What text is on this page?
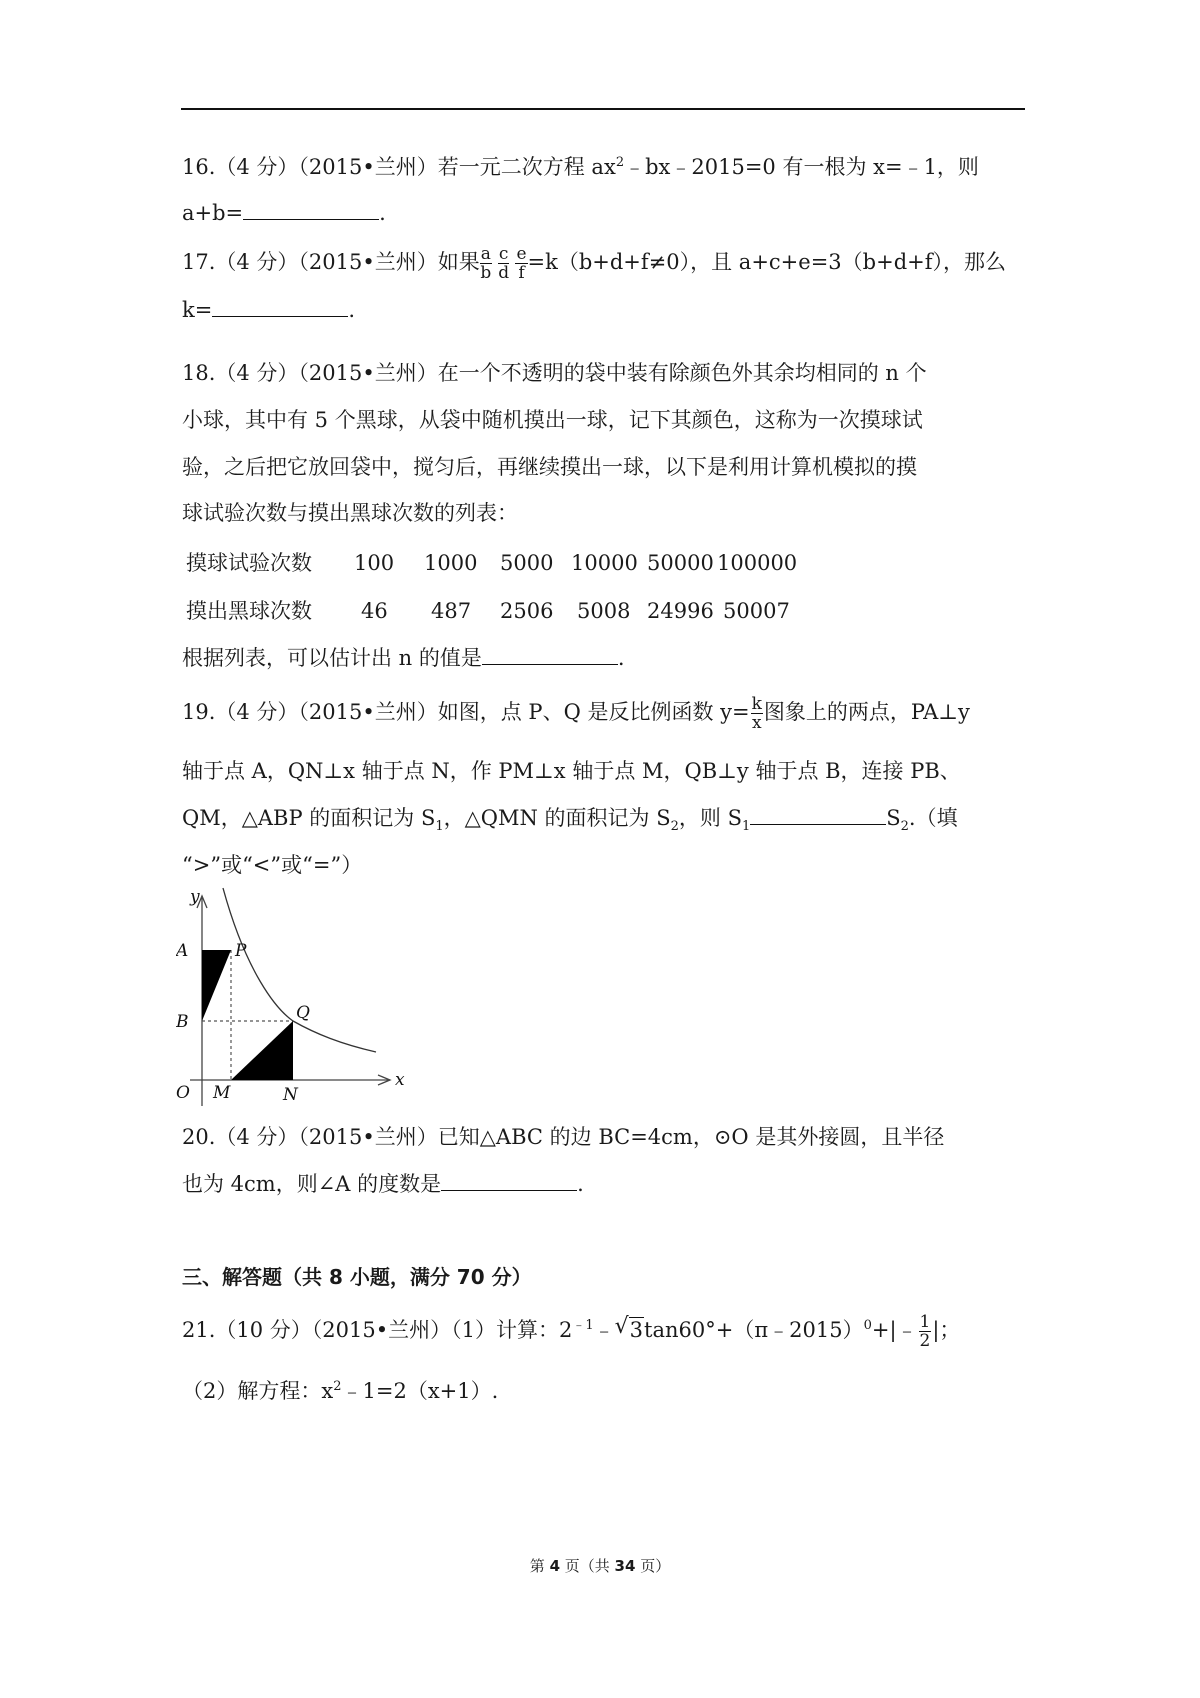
16.（4 分）（2015•兰州）若一元二次方程 $ax^2﹣bx﹣2015=0$ 有一根为 x=﹣1，则
a+b=	.
17.（4 分）（2015•兰州）如果 $\frac{a}{b} \frac{c}{d} \frac{e}{f} =k(b+d+f\ne 0)$，且 a+c+e=3（b+d+f），那么
k=	.
18.（4 分）（2015•兰州）在一个不透明的袋中装有除颜色外其余均相同的 n 个
小球，其中有 5 个黑球，从袋中随机摸出一球，记下其颜色，这称为一次摸球试
验，之后把它放回袋中，搅匀后，再继续摸出一球，以下是利用计算机模拟的摸
球试验次数与摸出黑球次数的列表：
摸球试验次数 100 1000 5000 10000 50000 100000
摸出黑球次数 46 487 2506 5008 24996 50007
根据列表，可以估计出 n 的值是	.
19.（4 分）（2015•兰州）如图，点 P、Q 是反比例函数 $y= \frac{k}{x}$ 图象上的两点，PA⊥y
轴于点 A，QN⊥x 轴于点 N，作 PM⊥x 轴于点 M，QB⊥y 轴于点 B，连接 PB、
QM，△ABP 的面积记为 $S_1$，△QMN 的面积记为 $S_2$，则 $S_1$	$S_2$.（填
“>”或“<”或“=”）
y
x
A	P
B	Q
O M	N
20.（4 分）（2015•兰州）已知△ABC 的边 BC=4cm，⊙O 是其外接圆，且半径
也为 4cm，则∠A 的度数是	.
三、解答题（共 8 小题，满分 70 分）
21.（10 分）（2015•兰州）（1）计算：$2^{﹣1}﹣$ √ 3tan60°+（π﹣2015）$^0$+|﹣ $\frac{1}{2}$ |；
（2）解方程：$x^2﹣1=2(x+1)$.
第 4 页（共 34 页）
